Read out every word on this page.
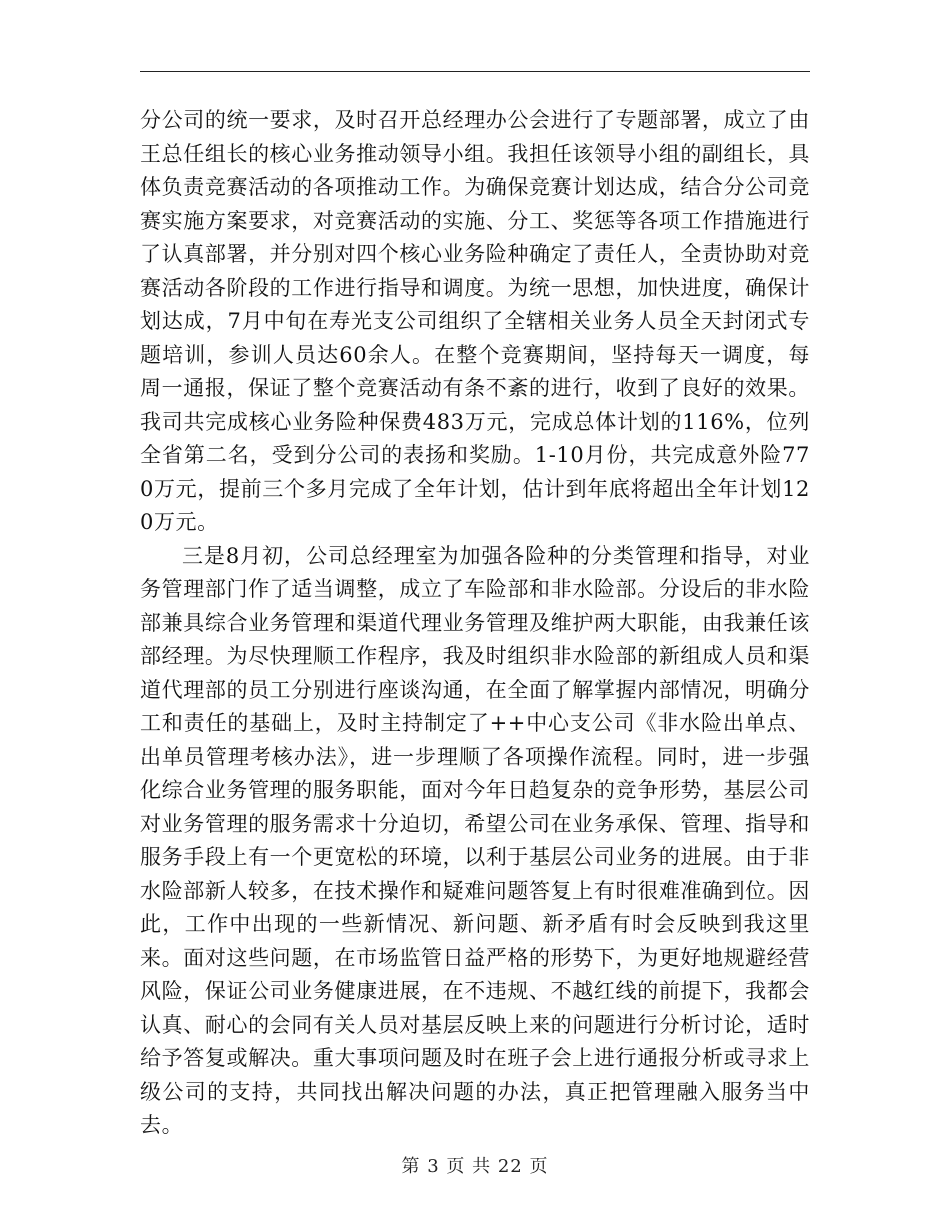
分公司的统一要求，及时召开总经理办公会进行了专题部署，成立了由王总任组长的核心业务推动领导小组。我担任该领导小组的副组长，具体负责竞赛活动的各项推动工作。为确保竞赛计划达成，结合分公司竞赛实施方案要求，对竞赛活动的实施、分工、奖惩等各项工作措施进行了认真部署，并分别对四个核心业务险种确定了责任人，全责协助对竞赛活动各阶段的工作进行指导和调度。为统一思想，加快进度，确保计划达成，7月中旬在寿光支公司组织了全辖相关业务人员全天封闭式专题培训，参训人员达60余人。在整个竞赛期间，坚持每天一调度，每周一通报，保证了整个竞赛活动有条不紊的进行，收到了良好的效果。我司共完成核心业务险种保费483万元，完成总体计划的116%，位列全省第二名，受到分公司的表扬和奖励。1-10月份，共完成意外险770万元，提前三个多月完成了全年计划，估计到年底将超出全年计划120万元。

三是8月初，公司总经理室为加强各险种的分类管理和指导，对业务管理部门作了适当调整，成立了车险部和非水险部。分设后的非水险部兼具综合业务管理和渠道代理业务管理及维护两大职能，由我兼任该部经理。为尽快理顺工作程序，我及时组织非水险部的新组成人员和渠道代理部的员工分别进行座谈沟通，在全面了解掌握内部情况，明确分工和责任的基础上，及时主持制定了++中心支公司《非水险出单点、出单员管理考核办法》，进一步理顺了各项操作流程。同时，进一步强化综合业务管理的服务职能，面对今年日趋复杂的竞争形势，基层公司对业务管理的服务需求十分迫切，希望公司在业务承保、管理、指导和服务手段上有一个更宽松的环境，以利于基层公司业务的进展。由于非水险部新人较多，在技术操作和疑难问题答复上有时很难准确到位。因此，工作中出现的一些新情况、新问题、新矛盾有时会反映到我这里来。面对这些问题，在市场监管日益严格的形势下，为更好地规避经营风险，保证公司业务健康进展，在不违规、不越红线的前提下，我都会认真、耐心的会同有关人员对基层反映上来的问题进行分析讨论，适时给予答复或解决。重大事项问题及时在班子会上进行通报分析或寻求上级公司的支持，共同找出解决问题的办法，真正把管理融入服务当中去。

第 3 页 共 22 页
